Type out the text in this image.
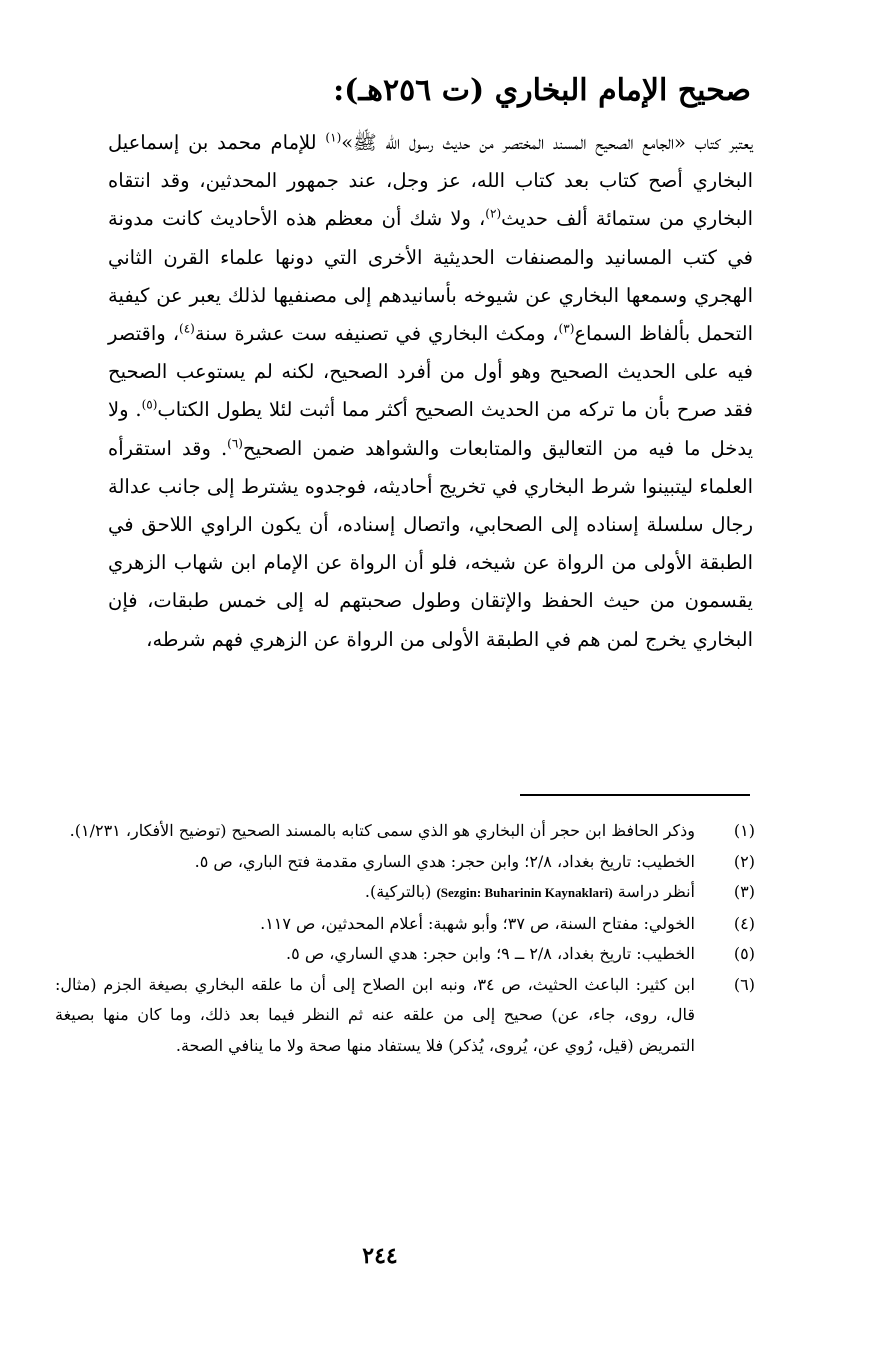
صحيح الإمام البخاري (ت ٢٥٦هـ):

يعتبر كتاب «الجامع الصحيح المسند المختصر من حديث رسول الله ﷺ»$^{(١)}$ للإمام محمد بن إسماعيل البخاري أصح كتاب بعد كتاب الله، عز وجل، عند جمهور المحدثين، وقد انتقاه البخاري من ستمائة ألف حديث$^{(٢)}$، ولا شك أن معظم هذه الأحاديث كانت مدونة في كتب المسانيد والمصنفات الحديثية الأخرى التي دونها علماء القرن الثاني الهجري وسمعها البخاري عن شيوخه بأسانيدهم إلى مصنفيها لذلك يعبر عن كيفية التحمل بألفاظ السماع$^{(٣)}$، ومكث البخاري في تصنيفه ست عشرة سنة$^{(٤)}$، واقتصر فيه على الحديث الصحيح وهو أول من أفرد الصحيح، لكنه لم يستوعب الصحيح فقد صرح بأن ما تركه من الحديث الصحيح أكثر مما أثبت لئلا يطول الكتاب$^{(٥)}$. ولا يدخل ما فيه من التعاليق والمتابعات والشواهد ضمن الصحيح$^{(٦)}$. وقد استقرأه العلماء ليتبينوا شرط البخاري في تخريج أحاديثه، فوجدوه يشترط إلى جانب عدالة رجال سلسلة إسناده إلى الصحابي، واتصال إسناده، أن يكون الراوي اللاحق في الطبقة الأولى من الرواة عن شيخه، فلو أن الرواة عن الإمام ابن شهاب الزهري يقسمون من حيث الحفظ والإتقان وطول صحبتهم له إلى خمس طبقات، فإن البخاري يخرج لمن هم في الطبقة الأولى من الرواة عن الزهري فهم شرطه،

(١)
وذكر الحافظ ابن حجر أن البخاري هو الذي سمى كتابه بالمسند الصحيح (توضيح الأفكار، ١/٢٣١).
(٢)
الخطيب: تاريخ بغداد، ٢/٨؛ وابن حجر: هدي الساري مقدمة فتح الباري، ص ٥.
(٣)
أنظر دراسة (Sezgin: Buharinin Kaynaklari) (بالتركية).
(٤)
الخولي: مفتاح السنة، ص ٣٧؛ وأبو شهبة: أعلام المحدثين، ص ١١٧.
(٥)
الخطيب: تاريخ بغداد، ٢/٨ ــ ٩؛ وابن حجر: هدي الساري، ص ٥.
(٦)
ابن كثير: الباعث الحثيث، ص ٣٤، ونبه ابن الصلاح إلى أن ما علقه البخاري بصيغة الجزم (مثال: قال، روى، جاء، عن) صحيح إلى من علقه عنه ثم النظر فيما بعد ذلك، وما كان منها بصيغة التمريض (قيل، رُوي عن، يُروى، يُذكر) فلا يستفاد منها صحة ولا ما ينافي الصحة.
٢٤٤
